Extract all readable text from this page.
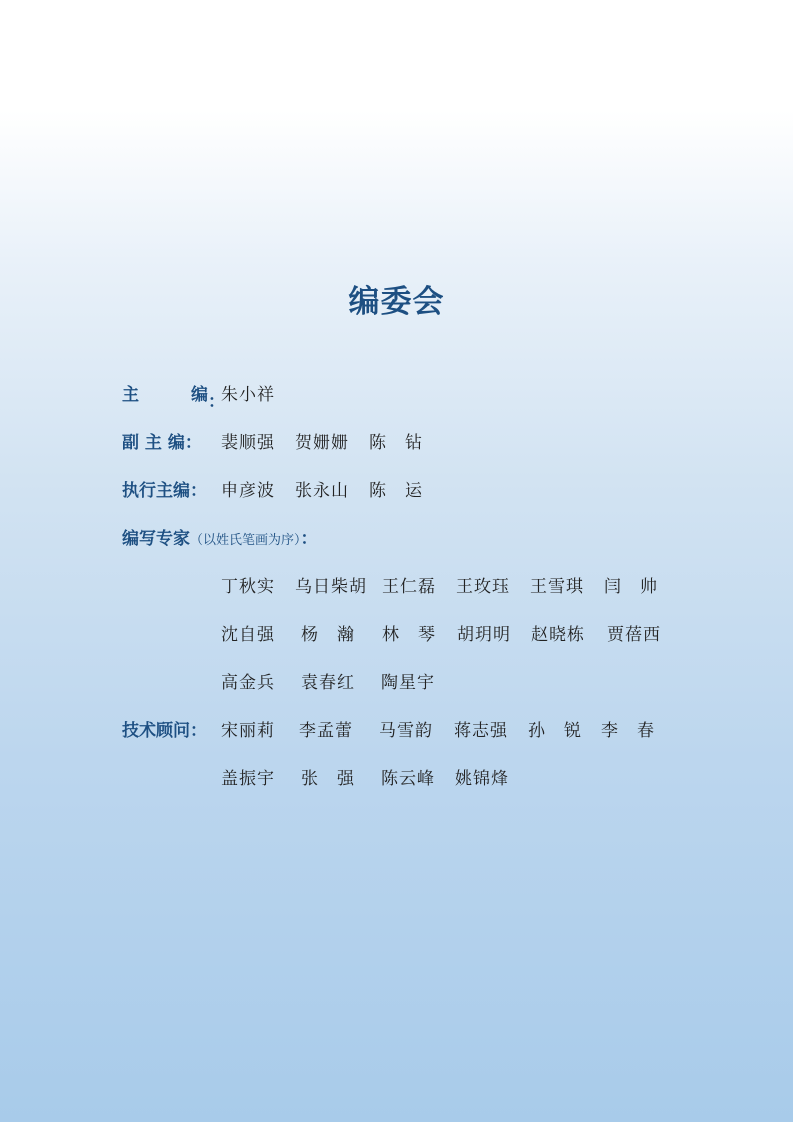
编委会
主	编 ：
朱小祥
副 主 编： 裴顺强 贺姗姗 陈　钻
执行主编： 申彦波 张永山 陈　运
编写专家（以姓氏笔画为序）：
丁秋实 乌日柴胡 王仁磊 王玫珏 王雪琪 闫　帅
沈自强 杨　瀚 林　琴 胡玥明 赵晓栋 贾蓓西
高金兵 袁春红 陶星宇
技术顾问： 宋丽莉 李孟蕾 马雪韵 蒋志强 孙　锐 李　春
盖振宇 张　强 陈云峰 姚锦烽
